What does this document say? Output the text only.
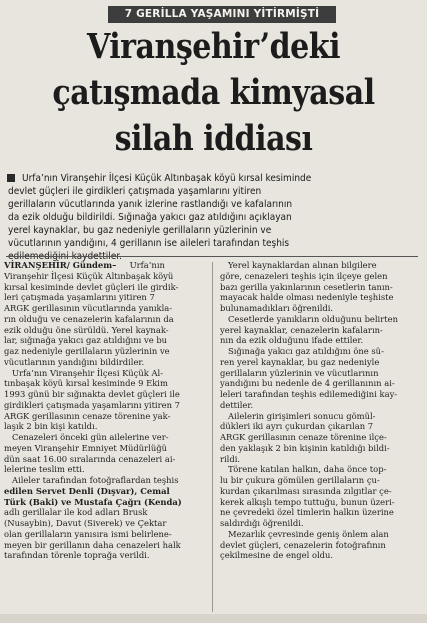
7 GERİLLA YAŞAMINI YİTİRMİŞTİ
Viranşehir’deki
çatışmada kimyasal
silah iddiası
Urfa’nın Viranşehir İlçesi Küçük Altınbaşak köyü kırsal kesiminde
devlet güçleri ile girdikleri çatışmada yaşamlarını yitiren
gerillaların vücutlarında yanık izlerine rastlandığı ve kafalarının
da ezik olduğu bildirildi. Sığınağa yakıcı gaz atıldığını açıklayan
yerel kaynaklar, bu gaz nedeniyle gerillaların yüzlerinin ve
vücutlarının yandığını, 4 gerillanın ise aileleri tarafından teşhis
VİRANŞEHİR/ Gündem– Urfa’nın
Viranşehir İlçesi Küçük Altınbaşak köyü
kırsal kesiminde devlet güçleri ile girdik-
leri çatışmada yaşamlarını yitiren 7
ARGK gerillasının vücutlarında yanıkla-
rın olduğu ve cenazelerin kafalarının da
ezik olduğu öne sürüldü. Yerel kaynak-
lar, sığınağa yakıcı gaz atıldığını ve bu
gaz nedeniyle gerillaların yüzlerinin ve
vücutlarının yandığını bildirdiler.
Urfa’nın Viranşehir İlçesi Küçük Al-
tınbaşak köyü kırsal kesiminde 9 Ekim
1993 günü bir sığınakta devlet güçleri ile
girdikleri çatışmada yaşamlarını yitiren 7
ARGK gerillasının cenaze törenine yak-
laşık 2 bin kişi katıldı.
Cenazeleri önceki gün ailelerine ver-
meyen Viranşehir Emniyet Müdürlüğü
dün saat 16.00 sıralarında cenazeleri ai-
lelerine teslim etti.
Aileler tarafından fotoğraflardan teşhis
edilen Servet Denli (Dışvar), Cemal
Türk (Baki) ve Mustafa Çağrı (Kenda)
adlı gerillalar ile kod adları Brusk
(Nusaybin), Davut (Siverek) ve Çektar
olan gerillaların yanısıra ismi belirlene-
meyen bir gerillanın daha cenazeleri halk
tarafından törenle toprağa verildi.
Yerel kaynaklardan alınan bilgilere
göre, cenazeleri teşhis için ilçeye gelen
bazı gerilla yakınlarının cesetlerin tanın-
mayacak halde olması nedeniyle teşhiste
bulunamadıkları öğrenildi.
Cesetlerde yanıkların olduğunu belirten
yerel kaynaklar, cenazelerin kafaların-
nın da ezik olduğunu ifade ettiler.
Sığınağa yakıcı gaz atıldığını öne sü-
ren yerel kaynaklar, bu gaz nedeniyle
gerillaların yüzlerinin ve vücutlarının
yandığını bu nedenle de 4 gerillanının ai-
leleri tarafından teşhis edilemediğini kay-
dettiler.
Ailelerin girişimleri sonucu gömül-
dükleri iki ayrı çukurdan çıkarılan 7
ARGK gerillasının cenaze törenine ilçe-
den yaklaşık 2 bin kişinin katıldığı bildi-
rildi.
Törene katılan halkın, daha önce top-
lu bir çukura gömülen gerillaların çu-
kurdan çıkarılması sırasında zılgıtlar çe-
kerek alkışlı tempo tuttuğu, bunun üzeri-
ne çevredeki özel timlerin halkın üzerine
saldırdığı öğrenildi.
Mezarlık çevresinde geniş önlem alan
devlet güçleri, cenazelerin fotoğrafının
çekilmesine de engel oldu.
